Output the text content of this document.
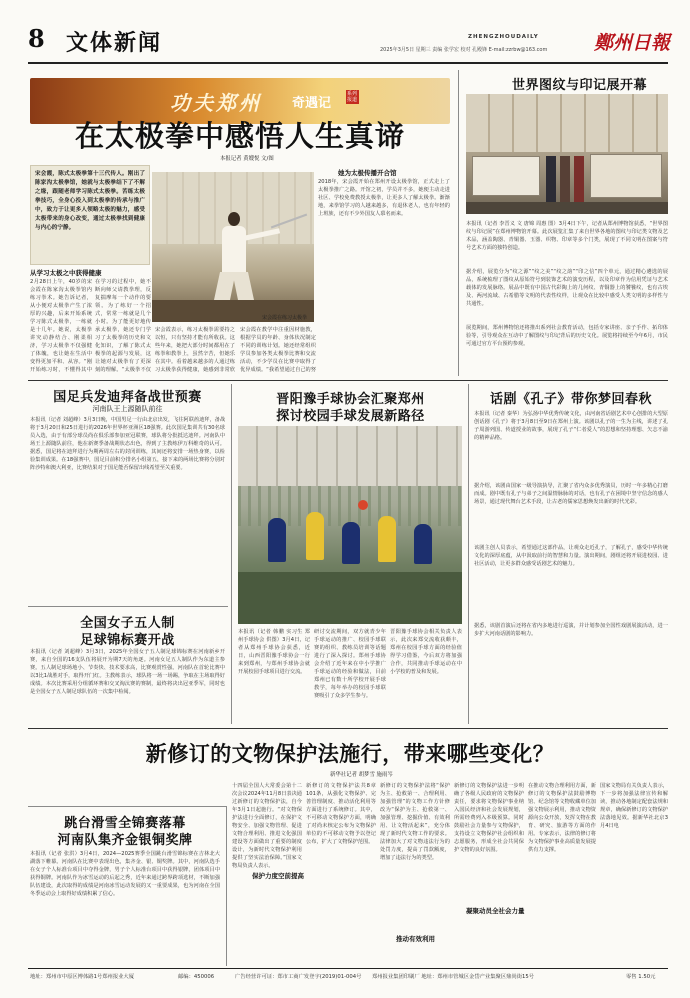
8 文体新闻	2025年3月5日 星期三 责编 张学宏 校对 孔殿锋 E-mail:zzrbw@163.com
ZHENGZHOUDAILY	鄭州日報
功夫郑州 奇遇记
系列报道
在太极拳中感悟人生真谛
本报记者 黄嫂悦 文/图
宋会霞，陈式太极拳第十三代传人。刚出了陈家沟太极拳馆，她就与太极拳结下了不解之缘，跟随老师学习陈式太极拳。苦练太极拳技巧，全身心投入到太极拳的传承与推广中，致力于让更多人领略太极的魅力，感受太极带来的身心改变，通过太极拳找到健康与内心的宁静。
从学习太极之中获得健康
2月28日上午，40岁的宋会霞在陈家沟太极拳馆内练习拳术。她告诉记者，从小便对太极拳产生了浓厚的兴趣，后来开始系统学习陈式太极拳，一练就是十几年。她说，太极拳讲究动静结合、刚柔相济，学习太极拳不仅强健了体魄，也让她在生活中变得更加平和、从容。“刚开始练习时，不懂得其中
在学习的过程中，她不断向师父请教拳理，反复揣摩每一个动作的要领。为了练好一个招式，常常一练就是几个小时。为了能更好地传承太极拳，她还专门学习了太极拳的历史和文化知识，了解了陈式太极拳的起源与发展，这让她对太极拳有了更深刻的理解。“太极拳不仅
宋会霞在练习太极拳
宋会霞表示，练习太极拳需要持之以恒，只有坚持才能有所收获。这些年来，她把大部分时间都用在了练拳和教拳上，虽然辛苦，但她乐在其中。看着越来越多的人通过练习太极拳获得健康，她感到非常欣
宋会霞在教学中注重因材施教，根据学员的年龄、身体状况制定不同的训练计划。她还经常组织学员参加各类太极拳比赛和交流活动，不少学员在比赛中取得了优异成绩。“我希望通过自己的努
她为太极传播开合馆
2018年，宋会霞开始在郑州开设太极拳馆，正式走上了太极拳推广之路。开馆之初，学员并不多，她便主动走进社区、学校免费教授太极拳，让更多人了解太极拳。渐渐地，来拳馆学习的人越来越多，有退休老人，也有年轻的上班族，还有不少外国友人慕名而来。
世界图纹与印记展开幕
本报讯（记者 李晋义 文 唐锦 周惠 图）3月4日下午，记者从郑州博物馆获悉，“世界图纹与印记展”在郑州博物馆开幕。此次展览汇集了来自世界各地的图纹与印记类文物及艺术品，涵盖陶器、青铜器、玉器、织物、印章等多个门类，展现了不同文明在图案与符号艺术方面的独特创造。
据介绍，展览分为“纹之源”“纹之美”“纹之韵”“印之信”四个单元，通过精心遴选的展品，系统梳理了图纹从原始符号到装饰艺术的演变历程，以及印章作为信用凭证与艺术载体的发展脉络。展品中既有中国古代彩陶上的几何纹、青铜器上的饕餮纹，也有古埃及、两河流域、古希腊等文明的代表性纹样，让观众在比较中感受人类文明的多样性与共通性。
展览期间，郑州博物馆还将推出系列社会教育活动，包括专家讲座、亲子手作、拓印体验等，引导观众在互动中了解图纹与印记背后的历史文化。展览将持续至今年6月，市民可通过官方平台预约参观。
国足兵发迪拜备战世预赛
河南队王上源随队前往
本报讯（记者 刘超峰）3月3日晚，中国男足一行由北京出发，飞往阿联酋迪拜，备战将于3月20日和25日进行的2026年世界杯亚洲区18强赛。此次国足集训共有30名球员入选，由于有部分球员尚在俱乐部参加亚冠联赛，球队将分批抵达迪拜。河南队中场王上源随队前往，他在新赛季备战期状态出色，得到了主教练伊万科维奇的认可。据悉，国足将在迪拜进行为期两周左右的封闭训练，其间还将安排一场热身赛，以检验集训成果。在18强赛中，国足目前积分排名小组第五，接下来的两场比赛将分别对阵沙特和澳大利亚，比赛结果对于国足能否保留出线希望至关重要。
晋阳豫手球协会汇聚郑州
探讨校园手球发展新路径
本报讯（记者 韩鹏 实习生 郑州手球协会 供图）3月4日，记者从郑州手球协会获悉，近日，山西晋阳豫手球协会一行来到郑州，与郑州手球协会就开展校园手球项目进行交流。
研讨交流期间，双方就青少年手球运动的推广、校园手球联赛的组织、教练员培训等话题进行了深入探讨。郑州手球协会介绍了近年来在中小学推广手球运动的经验和做法，目前郑州已有数十所学校开展手球教学，每年举办的校园手球联赛吸引了众多学生参与。
晋阳豫手球协会相关负责人表示，此次来郑交流收获颇丰，郑州在校园手球方面的经验值得学习借鉴，今后双方将加强合作，共同推动手球运动在中小学校的普及和发展。
话剧《孔子》带你梦回春秋
本报讯（记者 秦华）为弘扬中华优秀传统文化，由河南省话剧艺术中心创排的大型原创话剧《孔子》将于3月8日至9日在郑州上演。该剧以孔子的一生为主线，讲述了孔子周游列国、传道授业的故事，展现了孔子“仁者爱人”的思想和坚持理想、矢志不渝的精神品格。
据介绍，该剧由国家一级导演执导，汇聚了省内众多优秀演员，历时一年多精心打磨而成。剧中既有孔子与弟子之间温情脉脉的对话，也有孔子在困境中坚守信念的感人场景，通过现代舞台艺术手段，让古老的儒家思想焕发出新的时代光彩。
该剧主创人员表示，希望通过这部作品，让观众走近孔子，了解孔子，感受中华传统文化的深厚底蕴，从中汲取前行的智慧和力量。演出期间，剧组还将开展进校园、进社区活动，让更多群众感受话剧艺术的魅力。
据悉，该剧首演后还将在省内多地进行巡演，并计划参加全国性戏剧展演活动，进一步扩大河南话剧的影响力。
全国女子五人制
足球锦标赛开战
本报讯（记者 刘超峰）3月3日，2025年全国女子五人制足球锦标赛在河南新乡开赛，来自全国的16支队伍将展开为期7天的角逐。河南女足五人制队作为东道主参赛。五人制足球场地小、节奏快、技术要求高，比赛观赏性强。河南队在首轮比赛中以3比1战胜对手，取得开门红。主教练表示，球队将一场一场踢，争取在主场取得好成绩。本次比赛采用分组循环赛和交叉淘汰赛的赛制，最终将决出冠亚季军，同时也是全国女子五人制足球队伍的一次集中检阅。
跳台滑雪全锦赛落幕
河南队集齐金银铜奖牌
本报讯（记者 张洪）3月4日，2024—2025赛季全国跳台滑雪锦标赛在吉林北大湖落下帷幕。河南队在比赛中表现出色，集齐金、银、铜奖牌。其中，河南队选手在女子个人标准台项目中夺得金牌，男子个人标准台项目中获得银牌，团体项目中获得铜牌。河南队作为冰雪运动的后起之秀，近年来通过跨界跨项选材，不断加强队伍建设，此次取得的成绩是河南冰雪运动发展的又一重要成果，也为河南在全国冬季运动会上取得好成绩积累了信心。
新修订的文物保护法施行，带来哪些变化？
新华社记者 胡梦雪 施雨岑
十四届全国人大常委会第十二次会议2024年11月8日表决通过新修订的文物保护法，自今年3月1日起施行。“对文物保护法进行全面修订，在保护文物安全、加强文物管理、促进文物合理利用、推进文化强国建设等方面做出了重要的制度设计，为新时代文物保护利用提供了坚实法治保障。”国家文物局负责人表示。
保护力度空前提高
新修订的文物保护法共8章101条，从强化文物保护、完善管理制度、推动活化利用等方面进行了系统修订。其中，不可移动文物保护方面，明确了对尚未核定公布为文物保护单位的不可移动文物予以登记公布，扩大了文物保护范围。
新修订的文物保护法将“保护为主、抢救第一、合理利用、加强管理”的文物工作方针修改为“保护为主、抢救第一、加强管理、挖掘价值、有效利用、让文物活起来”，充分体现了新时代文物工作的要求。法律加大了对文物违法行为的处罚力度，提高了罚款额度，增加了违法行为的类型。
推动有效利用
新修订的文物保护法进一步明确了各级人民政府的文物保护责任，要求将文物保护事业纳入国民经济和社会发展规划，所需经费列入本级预算。同时鼓励社会力量参与文物保护，支持设立文物保护社会组织和志愿服务，形成全社会共同保护文物的良好氛围。
凝聚动员全社会力量
在推动文物合理利用方面，新修订的文物保护法鼓励博物馆、纪念馆等文物收藏单位加强文物展示利用，推动文物资源向公众开放，发挥文物在教育、研究、旅游等方面的作用。专家表示，法律的修订将为文物保护事业高质量发展提供有力支撑。
国家文物局有关负责人表示，下一步将加强法律宣传和解读，推动各地制定配套法规和规章，确保新修订的文物保护法落地见效。据新华社北京3月4日电
地址：郑州市中原区博体路1号郑州报业大厦	邮编：450006	广告经营许可证：郑市工商广发登字(2019)01-004号 郑州报业集团印刷厂 地址：郑州市管城区金岱产业集聚区鼎尚街15号	零售 1.50元
